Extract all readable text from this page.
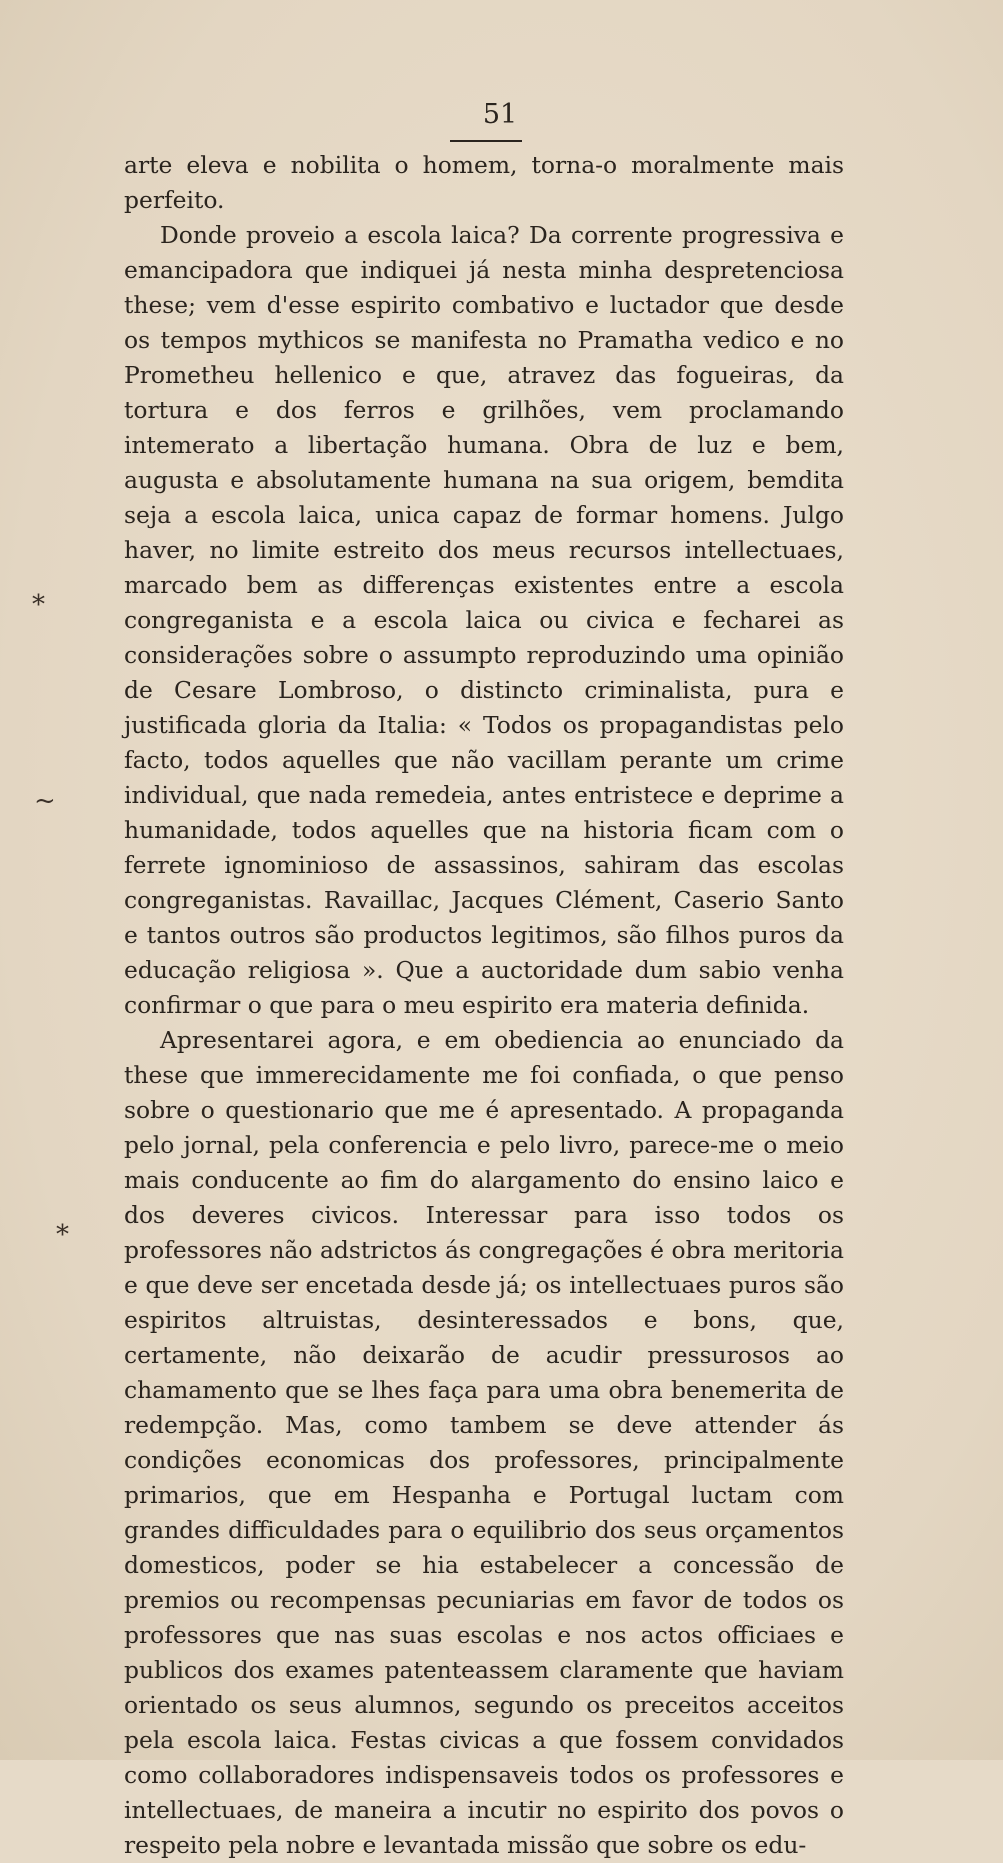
51
*
~
*

arte eleva e nobilita o homem, torna-o moralmente mais perfeito.

Donde proveio a escola laica? Da corrente progressiva e emancipadora que indiquei já nesta minha despretenciosa these; vem d'esse espirito combativo e luctador que desde os tempos mythicos se manifesta no Pramatha vedico e no Prometheu hellenico e que, atravez das fogueiras, da tortura e dos ferros e grilhões, vem proclamando intemerato a libertação humana. Obra de luz e bem, augusta e absolutamente humana na sua origem, bemdita seja a escola laica, unica capaz de formar homens. Julgo haver, no limite estreito dos meus recursos intellectuaes, marcado bem as differenças existentes entre a escola congreganista e a escola laica ou civica e fecharei as considerações sobre o assumpto reproduzindo uma opinião de Cesare Lombroso, o distincto criminalista, pura e justificada gloria da Italia: « Todos os propagandistas pelo facto, todos aquelles que não vacillam perante um crime individual, que nada remedeia, antes entristece e deprime a humanidade, todos aquelles que na historia ficam com o ferrete ignominioso de assassinos, sahiram das escolas congreganistas. Ravaillac, Jacques Clément, Caserio Santo e tantos outros são productos legitimos, são filhos puros da educação religiosa ». Que a auctoridade dum sabio venha confirmar o que para o meu espirito era materia definida.

Apresentarei agora, e em obediencia ao enunciado da these que immerecidamente me foi confiada, o que penso sobre o questionario que me é apresentado. A propaganda pelo jornal, pela conferencia e pelo livro, parece-me o meio mais conducente ao fim do alargamento do ensino laico e dos deveres civicos. Interessar para isso todos os professores não adstrictos ás congregações é obra meritoria e que deve ser encetada desde já; os intellectuaes puros são espiritos altruistas, desinteressados e bons, que, certamente, não deixarão de acudir pressurosos ao chamamento que se lhes faça para uma obra benemerita de redempção. Mas, como tambem se deve attender ás condições economicas dos professores, principalmente primarios, que em Hespanha e Portugal luctam com grandes difficuldades para o equilibrio dos seus orçamentos domesticos, poder se hia estabelecer a concessão de premios ou recompensas pecuniarias em favor de todos os professores que nas suas escolas e nos actos officiaes e publicos dos exames patenteassem claramente que haviam orientado os seus alumnos, segundo os preceitos acceitos pela escola laica. Festas civicas a que fossem convidados como collaboradores indispensaveis todos os professores e intellectuaes, de maneira a incutir no espirito dos povos o respeito pela nobre e levantada missão que sobre os edu-
